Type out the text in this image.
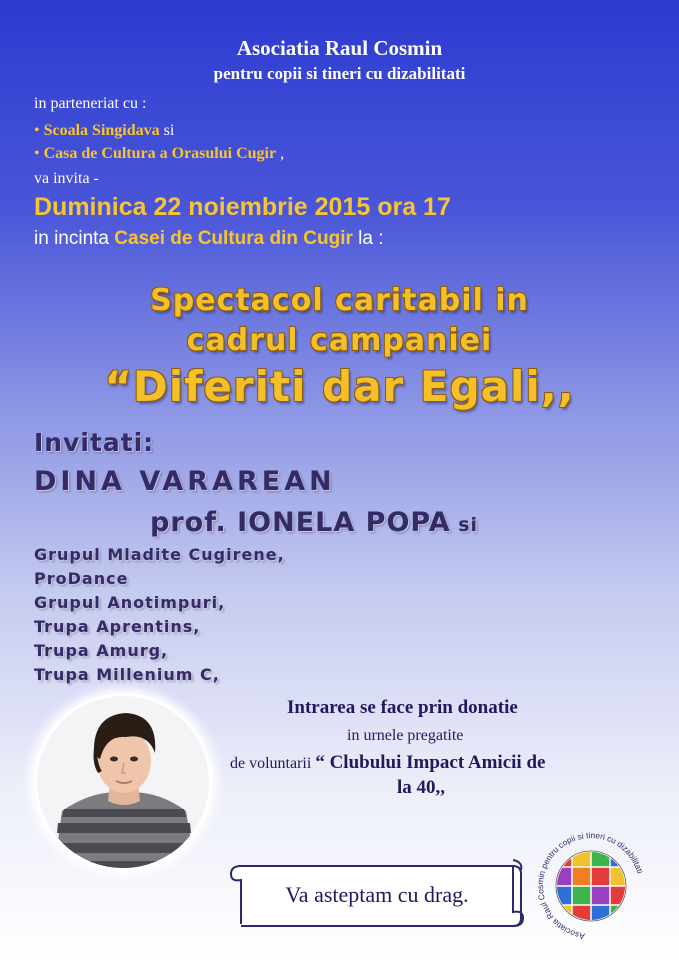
Asociatia Raul Cosmin
pentru copii si tineri cu dizabilitati
in parteneriat cu :
• Scoala Singidava si
• Casa de Cultura a Orasului Cugir ,
va invita -
Duminica 22 noiembrie 2015 ora 17
in incinta Casei de Cultura din Cugir la :
Spectacol caritabil in
cadrul campaniei
“Diferiti dar Egali,,
Invitati:
DINA VARAREAN
prof. IONELA POPA si
Grupul Mladite Cugirene,
ProDance
Grupul Anotimpuri,
Trupa Aprentins,
Trupa Amurg,
Trupa Millenium C,
Intrarea se face prin donatie
in urnele pregatite
de voluntarii “ Clubului Impact Amicii de
la 40,,
Va asteptam cu drag.
Asociatia Raul Cosmin pentru copii si tineri cu dizabilitati
